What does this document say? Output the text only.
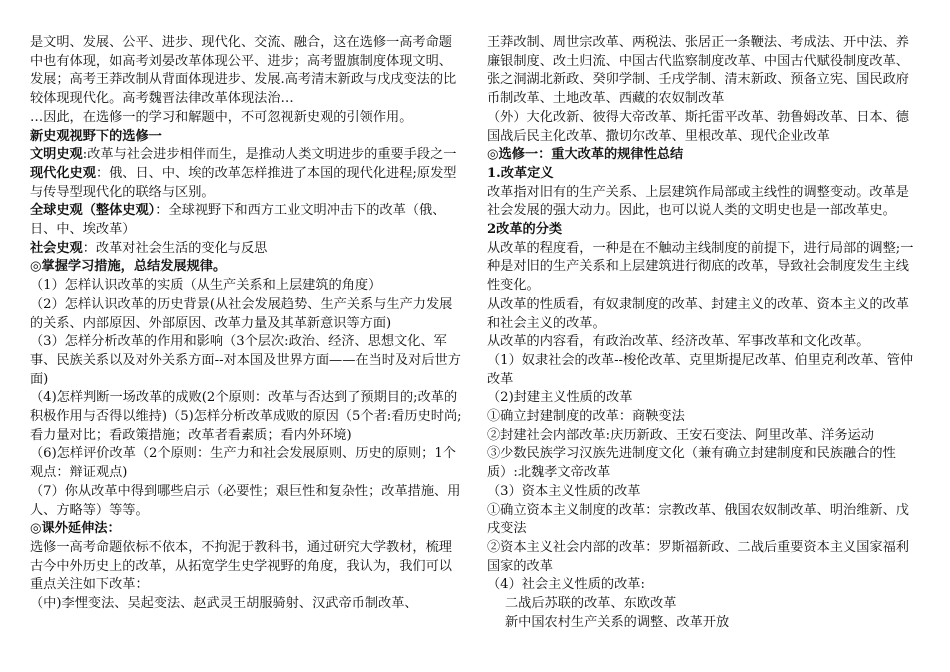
是文明、发展、公平、进步、现代化、交流、融合，这在选修一高考命题中也有体现，如高考刘晏改革体现公平、进步；高考盟旗制度体现文明、发展；高考王莽改制从背面体现进步、发展.高考清末新政与戊戌变法的比较体现现代化。高考魏晋法律改革体现法治…

…因此，在选修一的学习和解题中，不可忽视新史观的引领作用。

新史观视野下的选修一

文明史观:改革与社会进步相伴而生，是推动人类文明进步的重要手段之一

现代化史观：俄、日、中、埃的改革怎样推进了本国的现代化进程;原发型与传导型现代化的联络与区别。

全球史观（整体史观）：全球视野下和西方工业文明冲击下的改革（俄、日、中、埃改革）

社会史观：改革对社会生活的变化与反思

◎掌握学习措施，总结发展规律。

（1）怎样认识改革的实质（从生产关系和上层建筑的角度）

（2）怎样认识改革的历史背景(从社会发展趋势、生产关系与生产力发展的关系、内部原因、外部原因、改革力量及其革新意识等方面)

（3）怎样分析改革的作用和影响（3个层次:政治、经济、思想文化、军事、民族关系以及对外关系方面--对本国及世界方面——在当时及对后世方面)

（4)怎样判断一场改革的成败(2个原则：改革与否达到了预期目的;改革的积极作用与否得以维持)（5)怎样分析改革成败的原因（5个者:看历史时尚;看力量对比；看政策措施；改革者看素质；看内外环境)

（6)怎样评价改革（2个原则：生产力和社会发展原则、历史的原则；1个观点：辩证观点)

（7）你从改革中得到哪些启示（必要性；艰巨性和复杂性；改革措施、用人、方略等）等等。

◎课外延伸法：

选修一高考命题依标不依本，不拘泥于教科书，通过研究大学教材，梳理古今中外历史上的改革，从拓宽学生史学视野的角度，我认为，我们可以重点关注如下改革：

（中)李悝变法、吴起变法、赵武灵王胡服骑射、汉武帝币制改革、

王莽改制、周世宗改革、两税法、张居正一条鞭法、考成法、开中法、养廉银制度、改土归流、中国古代监察制度改革、中国古代赋役制度改革、张之洞湖北新政、癸卯学制、壬戌学制、清末新政、预备立宪、国民政府币制改革、土地改革、西藏的农奴制改革

（外）大化改新、彼得大帝改革、斯托雷平改革、勃鲁姆改革、日本、德国战后民主化改革、撒切尔改革、里根改革、现代企业改革

◎选修一：重大改革的规律性总结

1.改革定义

改革指对旧有的生产关系、上层建筑作局部或主线性的调整变动。改革是社会发展的强大动力。因此，也可以说人类的文明史也是一部改革史。

2改革的分类

从改革的程度看，一种是在不触动主线制度的前提下，进行局部的调整;一种是对旧的生产关系和上层建筑进行彻底的改革，导致社会制度发生主线性变化。

从改革的性质看，有奴隶制度的改革、封建主义的改革、资本主义的改革和社会主义的改革。

从改革的内容看，有政治改革、经济改革、军事改革和文化改革。

（1）奴隶社会的改革--梭伦改革、克里斯提尼改革、伯里克利改革、管仲改革

（2)封建主义性质的改革

①确立封建制度的改革：商鞅变法

②封建社会内部改革:庆历新政、王安石变法、阿里改革、洋务运动

③少数民族学习汉族先进制度文化（兼有确立封建制度和民族融合的性质）:北魏孝文帝改革

（3）资本主义性质的改革

①确立资本主义制度的改革：宗教改革、俄国农奴制改革、明治维新、戊戌变法

②资本主义社会内部的改革：罗斯福新政、二战后重要资本主义国家福利国家的改革

（4）社会主义性质的改革:

二战后苏联的改革、东欧改革

新中国农村生产关系的调整、改革开放
